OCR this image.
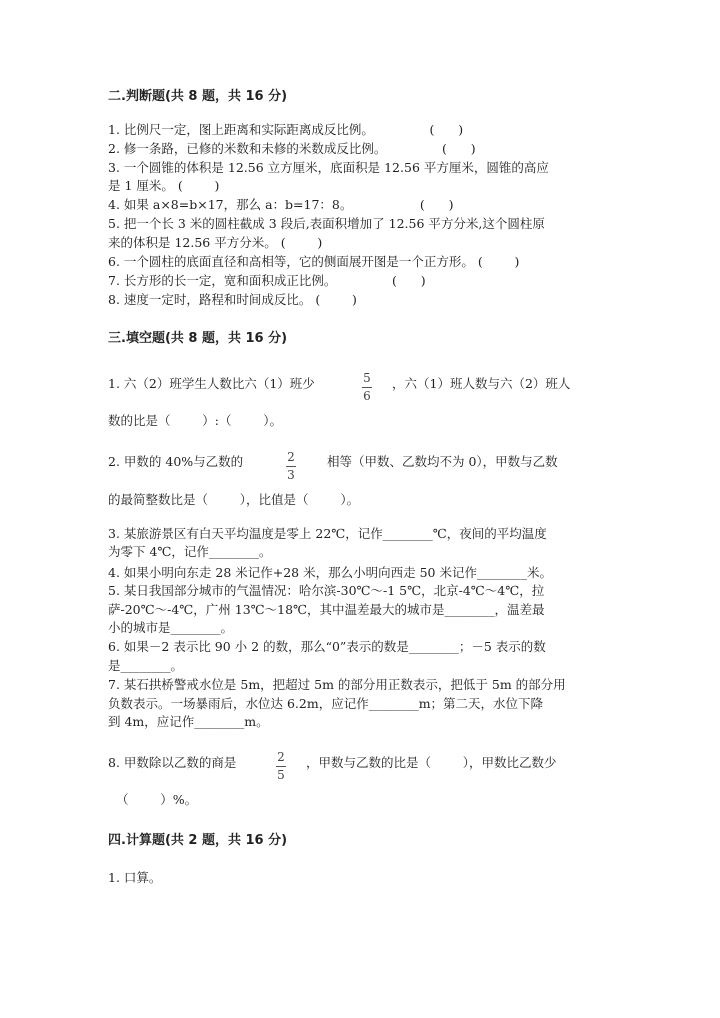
二.判断题(共 8 题，共 16 分)
1. 比例尺一定，图上距离和实际距离成反比例。              (      )
2. 修一条路，已修的米数和未修的米数成反比例。              (      )
3. 一个圆锥的体积是 12.56 立方厘米，底面积是 12.56 平方厘米，圆锥的高应
是 1 厘米。 (        )
4. 如果 a×8=b×17，那么 a：b=17：8。                 (      )
5. 把一个长 3 米的圆柱截成 3 段后,表面积增加了 12.56 平方分米,这个圆柱原
来的体积是 12.56 平方分米。 (        )
6. 一个圆柱的底面直径和高相等，它的侧面展开图是一个正方形。 (        )
7. 长方形的长一定，宽和面积成正比例。              (      )
8. 速度一定时，路程和时间成反比。 (        )
三.填空题(共 8 题，共 16 分)
1. 六（2）班学生人数比六（1）班少	5
6
，六（1）班人数与六（2）班人
数的比是（        ）:（        ）。
2. 甲数的 40%与乙数的	2
3
相等（甲数、乙数均不为 0），甲数与乙数
的最简整数比是（        ），比值是（        ）。
3. 某旅游景区有白天平均温度是零上 22℃，记作________℃，夜间的平均温度
为零下 4℃，记作________。
4. 如果小明向东走 28 米记作+28 米，那么小明向西走 50 米记作________米。
5. 某日我国部分城市的气温情况：哈尔滨-30℃～-1 5℃，北京-4℃～4℃，拉
萨-20℃～-4℃，广州 13℃～18℃，其中温差最大的城市是________，温差最
小的城市是________。
6. 如果－2 表示比 90 小 2 的数，那么“0”表示的数是________；－5 表示的数
是________。
7. 某石拱桥警戒水位是 5m，把超过 5m 的部分用正数表示，把低于 5m 的部分用
负数表示。一场暴雨后，水位达 6.2m，应记作________m；第二天，水位下降
到 4m，应记作________m。
8. 甲数除以乙数的商是	2
5
，甲数与乙数的比是（        ），甲数比乙数少
（        ）%。
四.计算题(共 2 题，共 16 分)
1. 口算。
